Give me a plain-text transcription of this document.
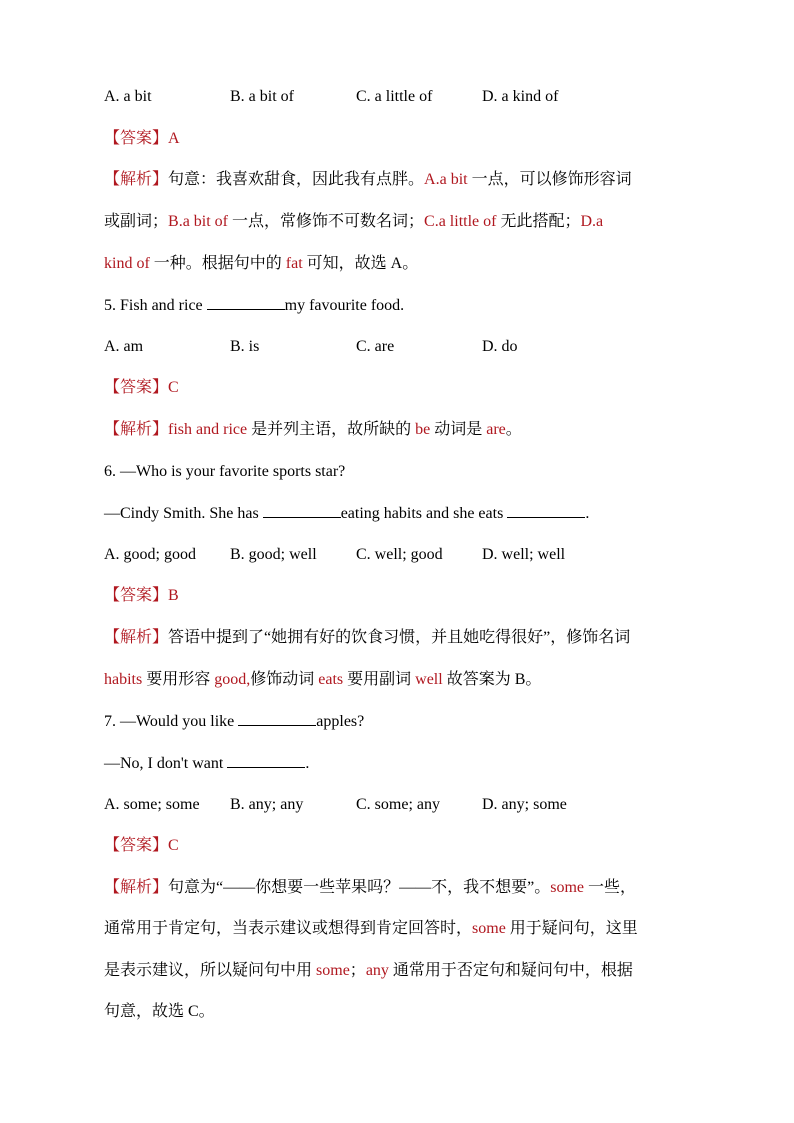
A. a bit	B. a bit of	C. a little of	D. a kind of
【答案】A
【解析】句意：我喜欢甜食，因此我有点胖。A.a bit 一点，可以修饰形容词
或副词；B.a bit of 一点，常修饰不可数名词；C.a little of 无此搭配；D.a
kind of 一种。根据句中的 fat 可知，故选 A。
5. Fish and rice	my favourite food.
A. am	B. is	C. are	D. do
【答案】C
【解析】fish and rice 是并列主语，故所缺的 be 动词是 are。
6. —Who is your favorite sports star?
—Cindy Smith. She has	eating habits and she eats	.
A. good; good B. good; well C. well; good D. well; well
【答案】B
【解析】答语中提到了“她拥有好的饮食习惯，并且她吃得很好”，修饰名词
habits 要用形容 good,修饰动词 eats 要用副词 well 故答案为 B。
7. —Would you like	apples?
—No, I don't want	.
A. some; some B. any; any	C. some; any	D. any; some
【答案】C
【解析】句意为“——你想要一些苹果吗？——不，我不想要”。some 一些，
通常用于肯定句，当表示建议或想得到肯定回答时，some 用于疑问句，这里
是表示建议，所以疑问句中用 some；any 通常用于否定句和疑问句中，根据
句意，故选 C。
